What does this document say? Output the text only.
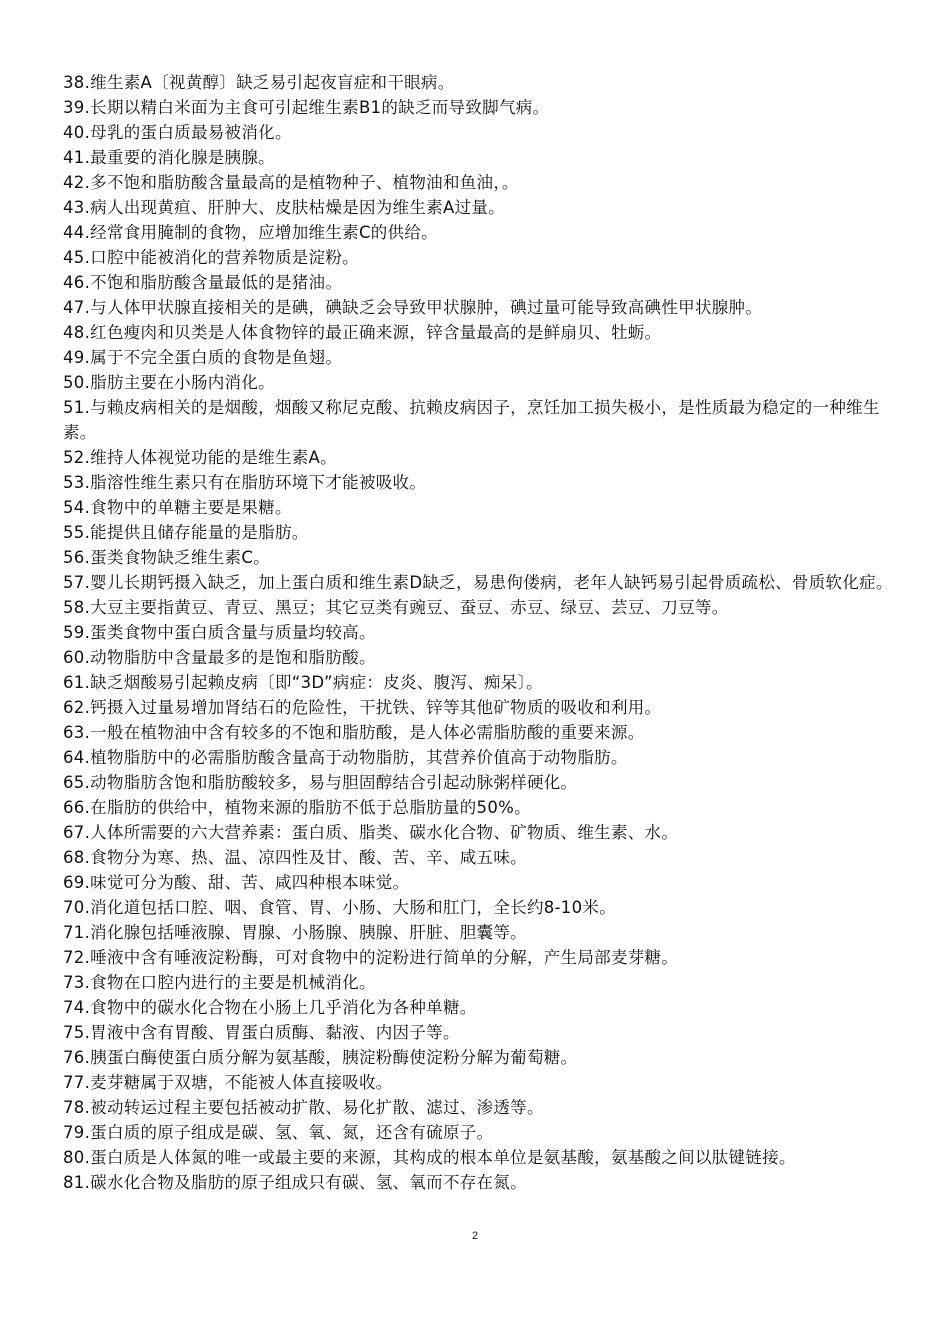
38.维生素A〔视黄醇〕缺乏易引起夜盲症和干眼病。
39.长期以精白米面为主食可引起维生素B1的缺乏而导致脚气病。
40.母乳的蛋白质最易被消化。
41.最重要的消化腺是胰腺。
42.多不饱和脂肪酸含量最高的是植物种子、植物油和鱼油，。
43.病人出现黄疸、肝肿大、皮肤枯燥是因为维生素A过量。
44.经常食用腌制的食物，应增加维生素C的供给。
45.口腔中能被消化的营养物质是淀粉。
46.不饱和脂肪酸含量最低的是猪油。
47.与人体甲状腺直接相关的是碘，碘缺乏会导致甲状腺肿，碘过量可能导致高碘性甲状腺肿。
48.红色瘦肉和贝类是人体食物锌的最正确来源，锌含量最高的是鲜扇贝、牡蛎。
49.属于不完全蛋白质的食物是鱼翅。
50.脂肪主要在小肠内消化。
51.与赖皮病相关的是烟酸，烟酸又称尼克酸、抗赖皮病因子，烹饪加工损失极小，是性质最为稳定的一种维生素。
52.维持人体视觉功能的是维生素A。
53.脂溶性维生素只有在脂肪环境下才能被吸收。
54.食物中的单糖主要是果糖。
55.能提供且储存能量的是脂肪。
56.蛋类食物缺乏维生素C。
57.婴儿长期钙摄入缺乏，加上蛋白质和维生素D缺乏，易患佝偻病，老年人缺钙易引起骨质疏松、骨质软化症。
58.大豆主要指黄豆、青豆、黑豆；其它豆类有豌豆、蚕豆、赤豆、绿豆、芸豆、刀豆等。
59.蛋类食物中蛋白质含量与质量均较高。
60.动物脂肪中含量最多的是饱和脂肪酸。
61.缺乏烟酸易引起赖皮病〔即“3D”病症：皮炎、腹泻、痴呆〕。
62.钙摄入过量易增加肾结石的危险性，干扰铁、锌等其他矿物质的吸收和利用。
63.一般在植物油中含有较多的不饱和脂肪酸，是人体必需脂肪酸的重要来源。
64.植物脂肪中的必需脂肪酸含量高于动物脂肪，其营养价值高于动物脂肪。
65.动物脂肪含饱和脂肪酸较多，易与胆固醇结合引起动脉粥样硬化。
66.在脂肪的供给中，植物来源的脂肪不低于总脂肪量的50%。
67.人体所需要的六大营养素：蛋白质、脂类、碳水化合物、矿物质、维生素、水。
68.食物分为寒、热、温、凉四性及甘、酸、苦、辛、咸五味。
69.味觉可分为酸、甜、苦、咸四种根本味觉。
70.消化道包括口腔、咽、食管、胃、小肠、大肠和肛门，全长约8-10米。
71.消化腺包括唾液腺、胃腺、小肠腺、胰腺、肝脏、胆囊等。
72.唾液中含有唾液淀粉酶，可对食物中的淀粉进行简单的分解，产生局部麦芽糖。
73.食物在口腔内进行的主要是机械消化。
74.食物中的碳水化合物在小肠上几乎消化为各种单糖。
75.胃液中含有胃酸、胃蛋白质酶、黏液、内因子等。
76.胰蛋白酶使蛋白质分解为氨基酸，胰淀粉酶使淀粉分解为葡萄糖。
77.麦芽糖属于双塘，不能被人体直接吸收。
78.被动转运过程主要包括被动扩散、易化扩散、滤过、渗透等。
79.蛋白质的原子组成是碳、氢、氧、氮，还含有硫原子。
80.蛋白质是人体氮的唯一或最主要的来源，其构成的根本单位是氨基酸，氨基酸之间以肽键链接。
81.碳水化合物及脂肪的原子组成只有碳、氢、氧而不存在氮。
2
